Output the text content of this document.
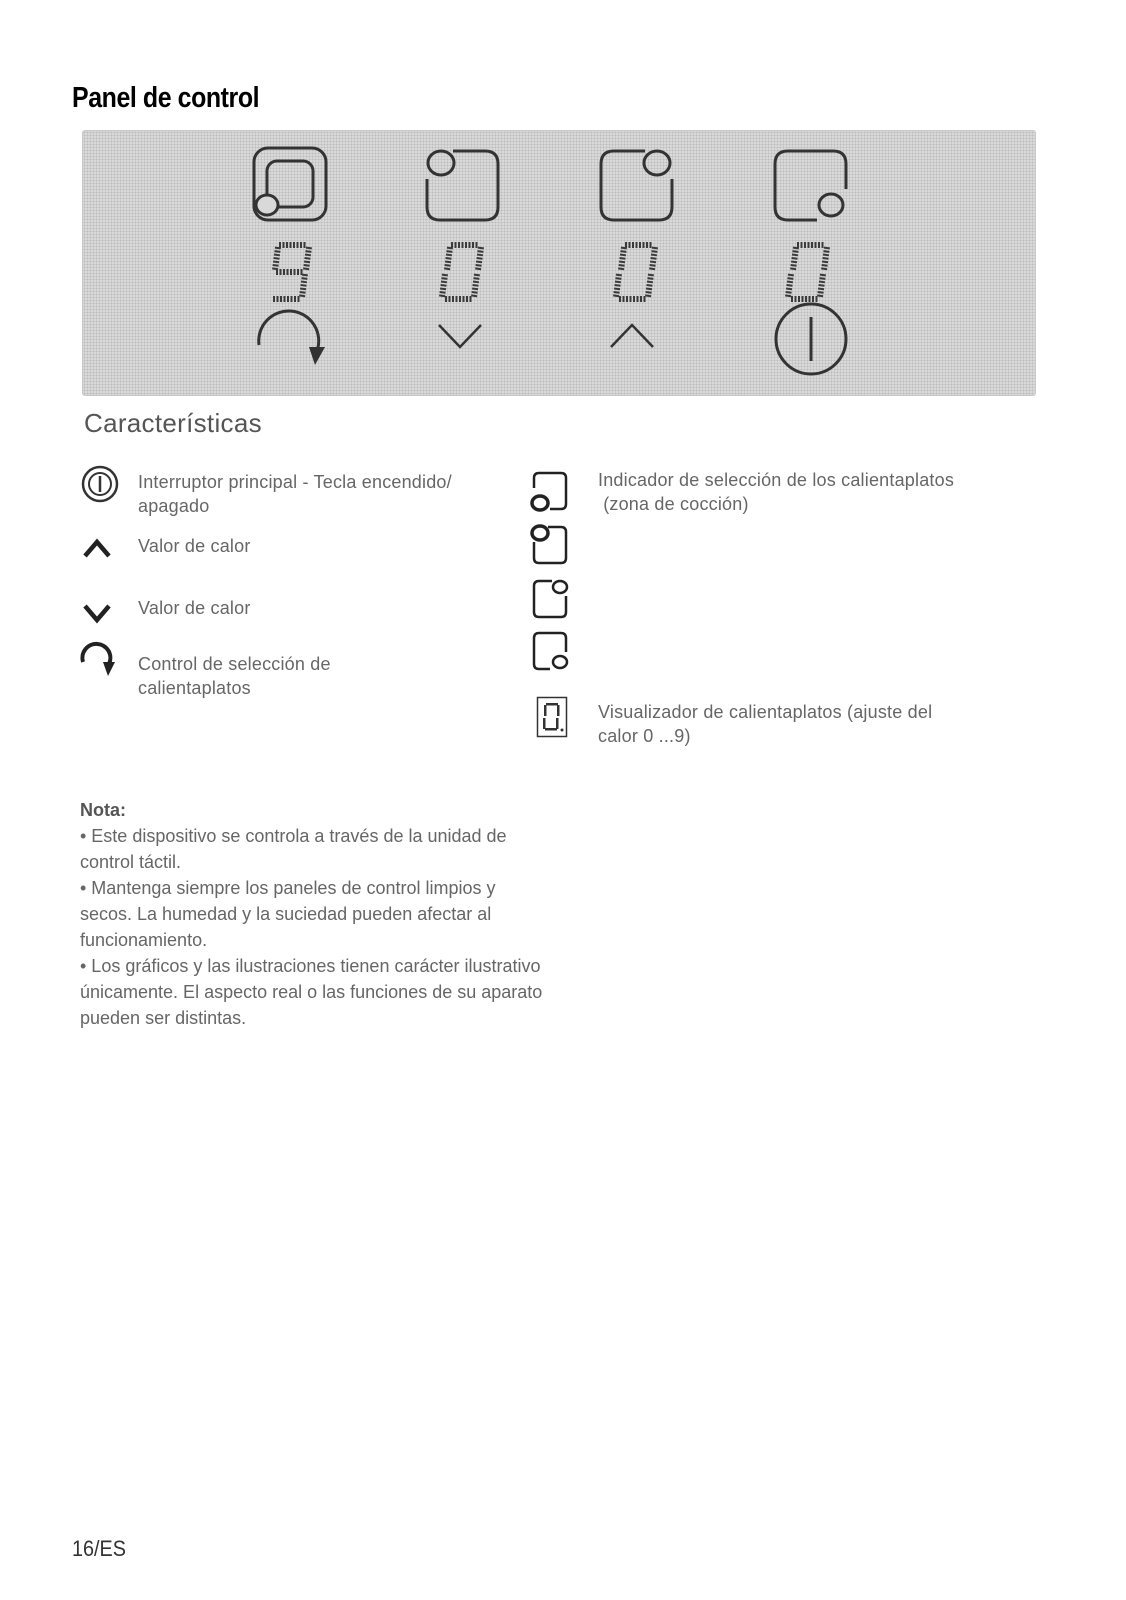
Panel de control
Características
Interruptor principal - Tecla encendido/
apagado
Valor de calor
Valor de calor
Control de selección de
calientaplatos
Indicador de selección de los calientaplatos
(zona de cocción)
Visualizador de calientaplatos (ajuste del
calor 0 ...9)

Nota:

• Este dispositivo se controla a través de la unidad de control táctil.

• Mantenga siempre los paneles de control limpios y secos. La humedad y la suciedad pueden afectar al funcionamiento.

• Los gráficos y las ilustraciones tienen carácter ilustrativo únicamente. El aspecto real o las funciones de su aparato pueden ser distintas.

16/ES
